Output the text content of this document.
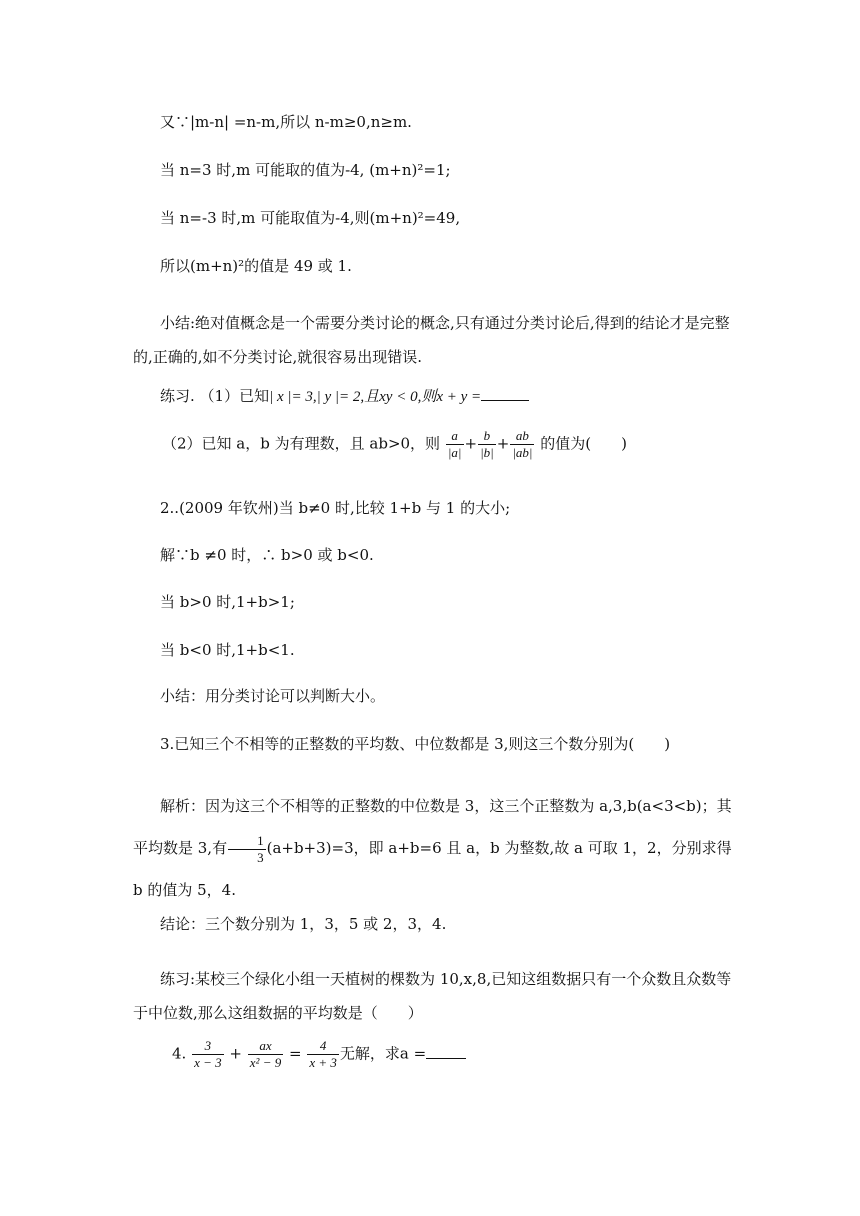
又∵|m-n| =n-m,所以 n-m≥0,n≥m.
当 n=3 时,m 可能取的值为-4, (m+n)²=1;
当 n=-3 时,m 可能取值为-4,则(m+n)²=49,
所以(m+n)²的值是 49 或 1.
小结:绝对值概念是一个需要分类讨论的概念,只有通过分类讨论后,得到的结论才是完整的,正确的,如不分类讨论,就很容易出现错误.
练习. （1）已知| x |= 3,| y |= 2,且xy < 0,则x + y =
（2）已知 a，b 为有理数，且 ab>0，则 $\frac{a}{|a|} + \frac{b}{|b|} + \frac{ab}{|ab|}$ 的值为(　　)
2..(2009 年钦州)当 b≠0 时,比较 1+b 与 1 的大小;
解∵b ≠0 时，∴ b>0 或 b<0.
当 b>0 时,1+b>1;
当 b<0 时,1+b<1.
小结：用分类讨论可以判断大小。
3.已知三个不相等的正整数的平均数、中位数都是 3,则这三个数分别为(　　)
解析：因为这三个不相等的正整数的中位数是 3，这三个正整数为 a,3,b(a<3<b)；其平均数是 3,有 $\frac{1}{3} (a+b+3)=3$，即 a+b=6 且 a，b 为整数,故 a 可取 1，2，分别求得 b 的值为 5，4.
结论：三个数分别为 1，3，5 或 2，3，4.
练习:某校三个绿化小组一天植树的棵数为 10,x,8,已知这组数据只有一个众数且众数等于中位数,那么这组数据的平均数是（　　）
4. $\frac{3}{x - 3} + \frac{ax}{\text{x² − 9}} = \frac{4}{x + 3}$ 无解，求a =
